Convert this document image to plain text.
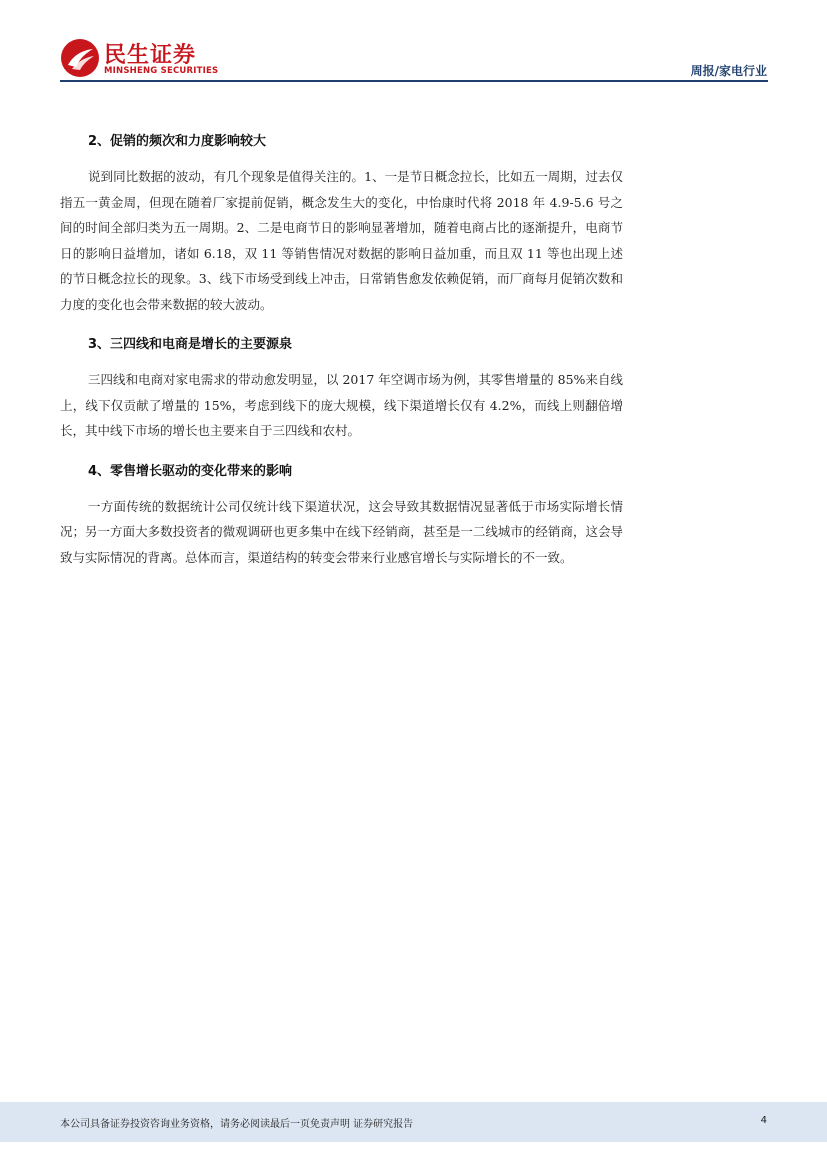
民生证券
MINSHENG SECURITIES	周报/家电行业
2、促销的频次和力度影响较大

说到同比数据的波动，有几个现象是值得关注的。1、一是节日概念拉长，比如五一周期，过去仅指五一黄金周，但现在随着厂家提前促销，概念发生大的变化，中怡康时代将 2018 年 4.9-5.6 号之间的时间全部归类为五一周期。2、二是电商节日的影响显著增加，随着电商占比的逐渐提升，电商节日的影响日益增加，诸如 6.18，双 11 等销售情况对数据的影响日益加重，而且双 11 等也出现上述的节日概念拉长的现象。3、线下市场受到线上冲击，日常销售愈发依赖促销，而厂商每月促销次数和力度的变化也会带来数据的较大波动。

3、三四线和电商是增长的主要源泉

三四线和电商对家电需求的带动愈发明显，以 2017 年空调市场为例，其零售增量的 85%来自线上，线下仅贡献了增量的 15%，考虑到线下的庞大规模，线下渠道增长仅有 4.2%，而线上则翻倍增长，其中线下市场的增长也主要来自于三四线和农村。

4、零售增长驱动的变化带来的影响

一方面传统的数据统计公司仅统计线下渠道状况，这会导致其数据情况显著低于市场实际增长情况；另一方面大多数投资者的微观调研也更多集中在线下经销商，甚至是一二线城市的经销商，这会导致与实际情况的背离。总体而言，渠道结构的转变会带来行业感官增长与实际增长的不一致。

本公司具备证券投资咨询业务资格，请务必阅读最后一页免责声明 证券研究报告	4
